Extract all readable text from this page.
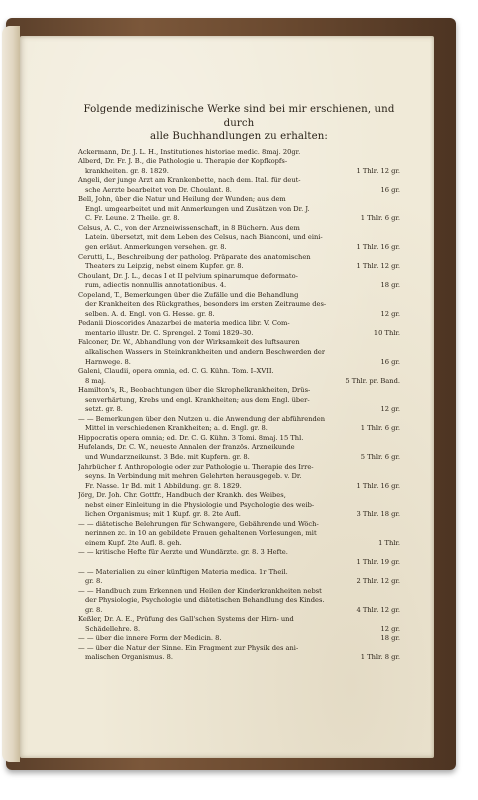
Folgende medizinische Werke sind bei mir erschienen, und durch
alle Buchhandlungen zu erhalten:
Ackermann, Dr. J. L. H., Institutiones historiae medic. 8maj. 20gr.
Alberd, Dr. Fr. J. B., die Pathologie u. Therapie der Kopfkopfs-
krankheiten. gr. 8. 1829.	1 Thlr. 12 gr.
Angeli, der junge Arzt am Krankenbette, nach dem. Ital. für deut-
sche Aerzte bearbeitet von Dr. Choulant. 8.	16 gr.
Bell, John, über die Natur und Heilung der Wunden; aus dem
Engl. umgearbeitet und mit Anmerkungen und Zusätzen von Dr. J.
C. Fr. Leune. 2 Theile. gr. 8.	1 Thlr. 6 gr.
Celsus, A. C., von der Arzneiwissenschaft, in 8 Büchern. Aus dem
Latein. übersetzt, mit dem Leben des Celsus, nach Bianconi, und eini-
gen erläut. Anmerkungen versehen. gr. 8.	1 Thlr. 16 gr.
Cerutti, L., Beschreibung der patholog. Präparate des anatomischen
Theaters zu Leipzig, nebst einem Kupfer. gr. 8.	1 Thlr. 12 gr.
Choulant, Dr. J. L., decas I et II pelvium spinarumque deformato-
rum, adiectis nonnullis annotationibus. 4.	18 gr.
Copeland, T., Bemerkungen über die Zufälle und die Behandlung
der Krankheiten des Rückgrathes, besonders im ersten Zeitraume des-
selben. A. d. Engl. von G. Hesse. gr. 8.	12 gr.
Pedanii Dioscorides Anazarbei de materia medica libr. V. Com-
mentario illustr. Dr. C. Sprengel. 2 Tomi 1829–30.	10 Thlr.
Falconer, Dr. W., Abhandlung von der Wirksamkeit des luftsauren
alkalischen Wassers in Steinkrankheiten und andern Beschwerden der
Harnwege. 8.	16 gr.
Galeni, Claudii, opera omnia, ed. C. G. Kühn. Tom. I–XVII.
8 maj.	5 Thlr. pr. Band.
Hamilton's, R., Beobachtungen über die Skrophelkrankheiten, Drüs-
senverhärtung, Krebs und engl. Krankheiten; aus dem Engl. über-
setzt. gr. 8.	12 gr.
— — Bemerkungen über den Nutzen u. die Anwendung der abführenden
Mittel in verschiedenen Krankheiten; a. d. Engl. gr. 8.	1 Thlr. 6 gr.
Hippocratis opera omnia; ed. Dr. C. G. Kühn. 3 Tomi. 8maj. 15 Thl.
Hufelands, Dr. C. W., neueste Annalen der französ. Arzneikunde
und Wundarzneikunst. 3 Bde. mit Kupfern. gr. 8.	5 Thlr. 6 gr.
Jahrbücher f. Anthropologie oder zur Pathologie u. Therapie des Irre-
seyns. In Verbindung mit mehren Gelehrten herausgegeb. v. Dr.
Fr. Nasse. 1r Bd. mit 1 Abbildung. gr. 8. 1829.	1 Thlr. 16 gr.
Jörg, Dr. Joh. Chr. Gottfr., Handbuch der Krankh. des Weibes,
nebst einer Einleitung in die Physiologie und Psychologie des weib-
lichen Organismus; mit 1 Kupf. gr. 8. 2te Aufl.	3 Thlr. 18 gr.
— — diätetische Belehrungen für Schwangere, Gebährende und Wöch-
nerinnen zc. in 10 an gebildete Frauen gehaltenen Vorlesungen, mit
einem Kupf. 2te Aufl. 8. geh.	1 Thlr.
— — kritische Hefte für Aerzte und Wundärzte. gr. 8. 3 Hefte.
1 Thlr. 19 gr.
— — Materialien zu einer künftigen Materia medica. 1r Theil.
gr. 8.	2 Thlr. 12 gr.
— — Handbuch zum Erkennen und Heilen der Kinderkrankheiten nebst
der Physiologie, Psychologie und diätetischen Behandlung des Kindes.
gr. 8.	4 Thlr. 12 gr.
Keßler, Dr. A. E., Prüfung des Gall'schen Systems der Hirn- und
Schädellehre. 8.	12 gr.
— — über die innere Form der Medicin. 8.	18 gr.
— — über die Natur der Sinne. Ein Fragment zur Physik des ani-
malischen Organismus. 8.	1 Thlr. 8 gr.
